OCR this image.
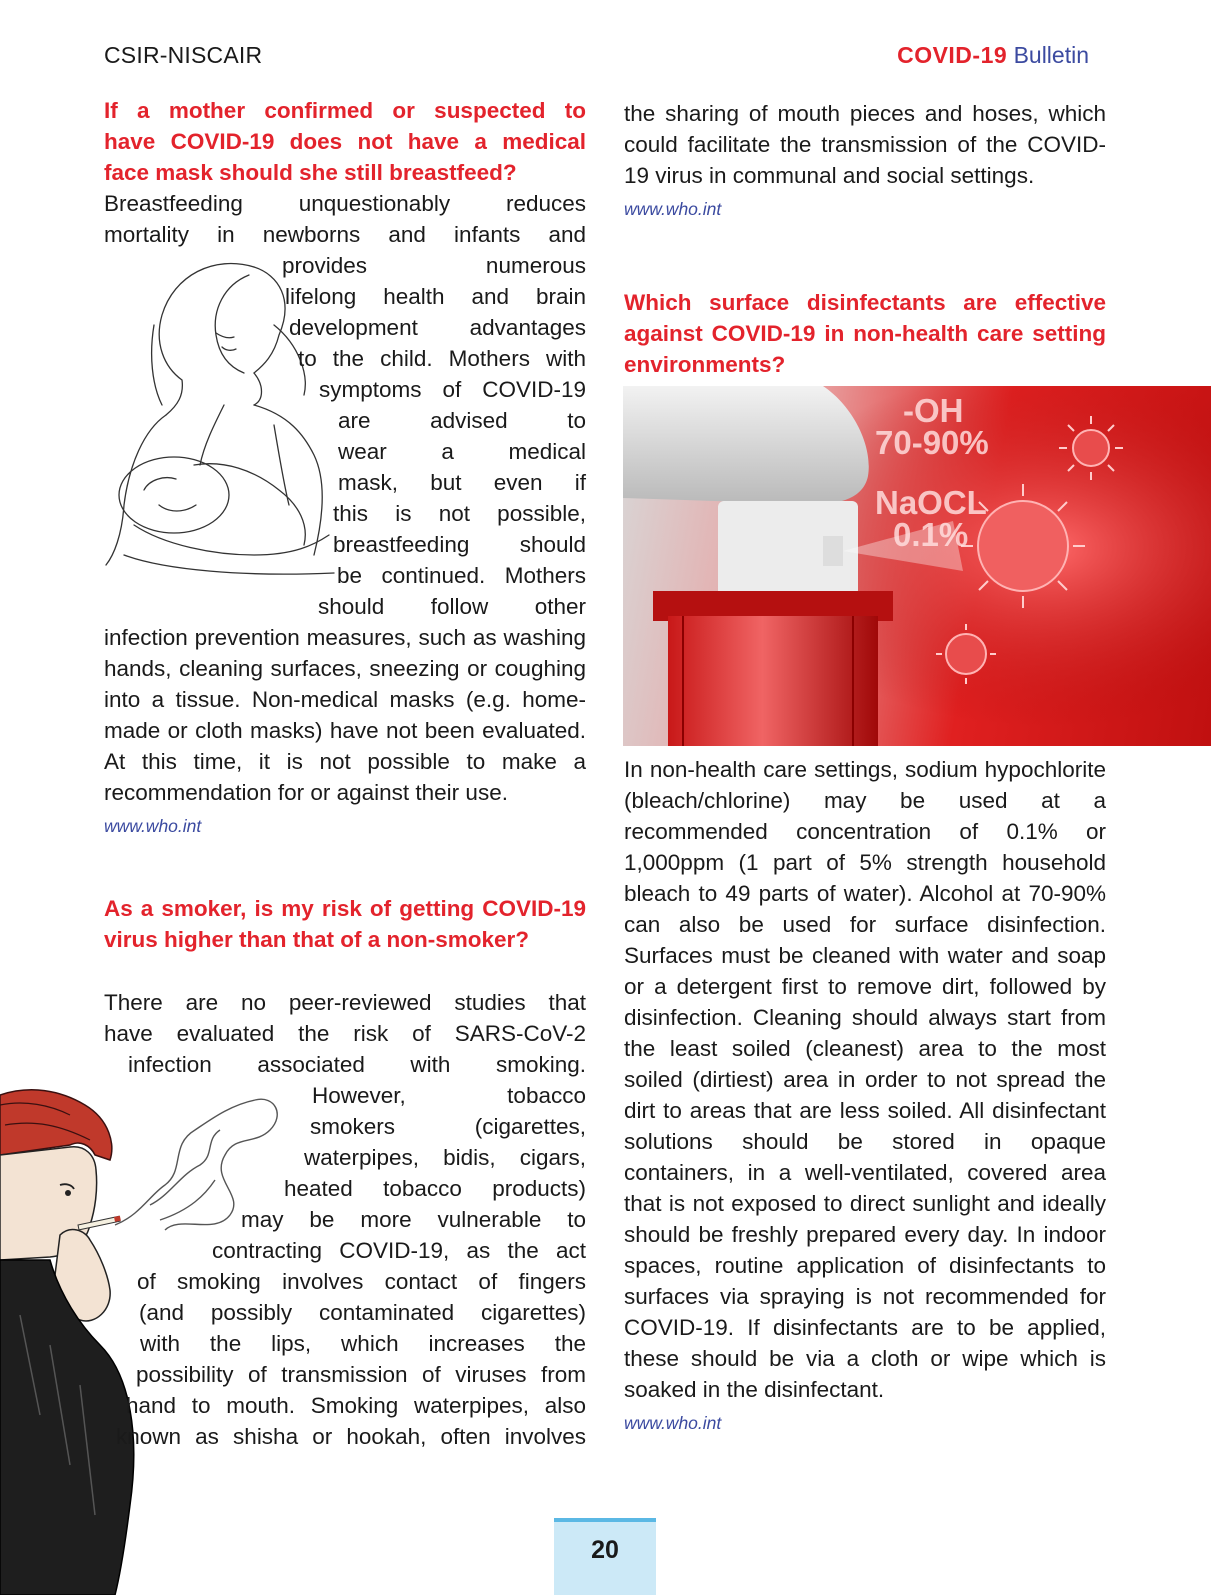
CSIR-NISCAIR	COVID-19 Bulletin
If a mother confirmed or suspected to
have COVID-19 does not have a medical
face mask should she still breastfeed?
Breastfeeding unquestionably reduces
mortality in newborns and infants and
provides numerous
lifelong health and brain
development advantages
to the child. Mothers with
symptoms of COVID-19
are advised to
wear a medical
mask, but even if
this is not possible,
breastfeeding should
be continued. Mothers
should follow other

infection prevention measures, such as washing hands, cleaning surfaces, sneezing or coughing into a tissue. Non-medical masks (e.g. home-made or cloth masks) have not been evaluated. At this time, it is not possible to make a recommendation for or against their use.

www.who.int

As a smoker, is my risk of getting COVID-19 virus higher than that of a non-smoker?

There are no peer-reviewed studies that
have evaluated the risk of SARS-CoV-2
infection associated with smoking.
However, tobacco
smokers (cigarettes,
waterpipes, bidis, cigars,
heated tobacco products)
may be more vulnerable to
contracting COVID-19, as the act
of smoking involves contact of fingers
(and possibly contaminated cigarettes)
with the lips, which increases the
possibility of transmission of viruses from
hand to mouth. Smoking waterpipes, also
known as shisha or hookah, often involves

the sharing of mouth pieces and hoses, which could facilitate the transmission of the COVID-19 virus in communal and social settings.

www.who.int

Which surface disinfectants are effective against COVID-19 in non-health care setting environments?

-OH
70-90%
NaOCL
0.1%

In non-health care settings, sodium hypochlorite (bleach/chlorine) may be used at a recommended concentration of 0.1% or 1,000ppm (1 part of 5% strength household bleach to 49 parts of water). Alcohol at 70-90% can also be used for surface disinfection. Surfaces must be cleaned with water and soap or a detergent first to remove dirt, followed by disinfection. Cleaning should always start from the least soiled (cleanest) area to the most soiled (dirtiest) area in order to not spread the dirt to areas that are less soiled. All disinfectant solutions should be stored in opaque containers, in a well-ventilated, covered area that is not exposed to direct sunlight and ideally should be freshly prepared every day. In indoor spaces, routine application of disinfectants to surfaces via spraying is not recommended for COVID-19. If disinfectants are to be applied, these should be via a cloth or wipe which is soaked in the disinfectant.

www.who.int

20
